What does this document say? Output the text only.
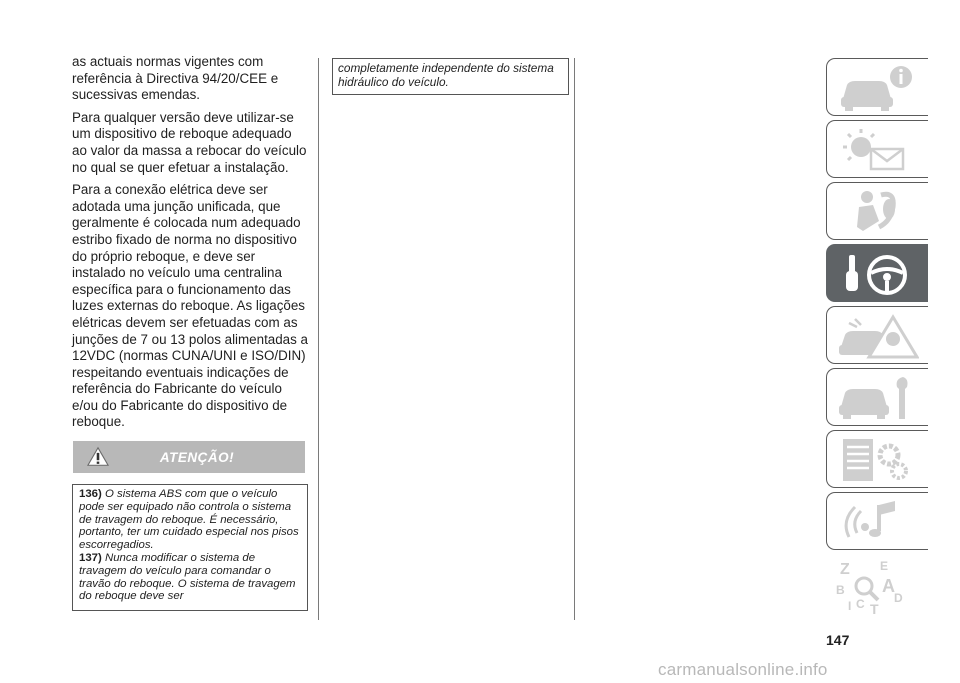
as actuais normas vigentes com referência à Directiva 94/20/CEE e sucessivas emendas.

Para qualquer versão deve utilizar-se um dispositivo de reboque adequado ao valor da massa a rebocar do veículo no qual se quer efetuar a instalação.

Para a conexão elétrica deve ser adotada uma junção unificada, que geralmente é colocada num adequado estribo fixado de norma no dispositivo do próprio reboque, e deve ser instalado no veículo uma centralina específica para o funcionamento das luzes externas do reboque. As ligações elétricas devem ser efetuadas com as junções de 7 ou 13 polos alimentadas a 12VDC (normas CUNA/UNI e ISO/DIN) respeitando eventuais indicações de referência do Fabricante do veículo e/ou do Fabricante do dispositivo de reboque.

ATENÇÃO!

136) O sistema ABS com que o veículo pode ser equipado não controla o sistema de travagem do reboque. É necessário, portanto, ter um cuidado especial nos pisos escorregadios.

137) Nunca modificar o sistema de travagem do veículo para comandar o travão do reboque. O sistema de travagem do reboque deve ser

completamente independente do sistema hidráulico do veículo.
Z	E
B A
I C T
D
147
carmanualsonline.info
